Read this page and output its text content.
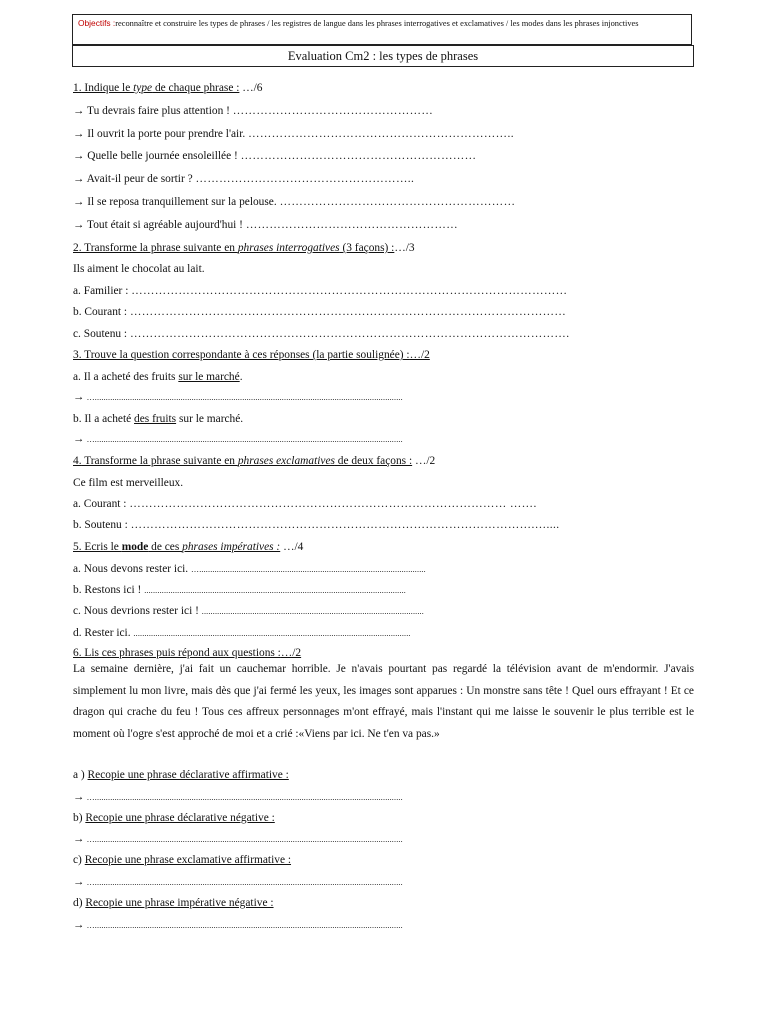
Objectifs :reconnaître et construire les types de phrases / les registres de langue dans les phrases interrogatives et exclamatives / les modes dans les phrases injonctives
Evaluation Cm2 : les types de phrases
1. Indique le type de chaque phrase : …/6
→ Tu devrais faire plus attention ! ……………………………………………
→ Il ouvrit la porte pour prendre l'air. …………………………………………………………..
→ Quelle belle journée ensoleillée ! ……………………………………………………
→ Avait-il peur de sortir ? ………………………………………………..
→ Il se reposa tranquillement sur la pelouse. ……………………………………………………
→ Tout était si agréable aujourd'hui ! ………………………………………………
2. Transforme la phrase suivante en phrases interrogatives (3 façons) :…/3
Ils aiment le chocolat au lait.
a. Familier : …………………………………………………………………………………………………
b. Courant : …………………………………………………………………………………………………
c. Soutenu : ………………………………………………………………………………………………….
3. Trouve la question correspondante à ces réponses (la partie soulignée) :…/2
a. Il a acheté des fruits sur le marché.
→ …............................................................................................................................................
b. Il a acheté des fruits sur le marché.
→ …............................................................................................................................................
4. Transforme la phrase suivante en phrases exclamatives de deux façons : …/2
Ce film est merveilleux.
a. Courant : …………………………………………………………………………………… …….
b. Soutenu : ………………………………………………………………………………………….…....
5. Ecris le mode de ces phrases impératives : …/4
a. Nous devons rester ici. ….......................................................................................................
b. Restons ici ! .......................................................................................................................
c. Nous devrions rester ici ! .....................................................................................................
d. Rester ici. ..............................................................................................................................
6. Lis ces phrases puis répond aux questions :…/2
La semaine dernière, j'ai fait un cauchemar horrible. Je n'avais pourtant pas regardé la télévision avant de m'endormir. J'avais simplement lu mon livre, mais dès que j'ai fermé les yeux, les images sont apparues : Un monstre sans tête ! Quel ours effrayant ! Et ce dragon qui crache du feu ! Tous ces affreux personnages m'ont effrayé, mais l'instant qui me laisse le souvenir le plus terrible est le moment où l'ogre s'est approché de moi et a crié :«Viens par ici. Ne t'en va pas.»
a ) Recopie une phrase déclarative affirmative :
→ …............................................................................................................................................
b) Recopie une phrase déclarative négative :
→ …............................................................................................................................................
c) Recopie une phrase exclamative affirmative :
→ …............................................................................................................................................
d) Recopie une phrase impérative négative :
→ …............................................................................................................................................
